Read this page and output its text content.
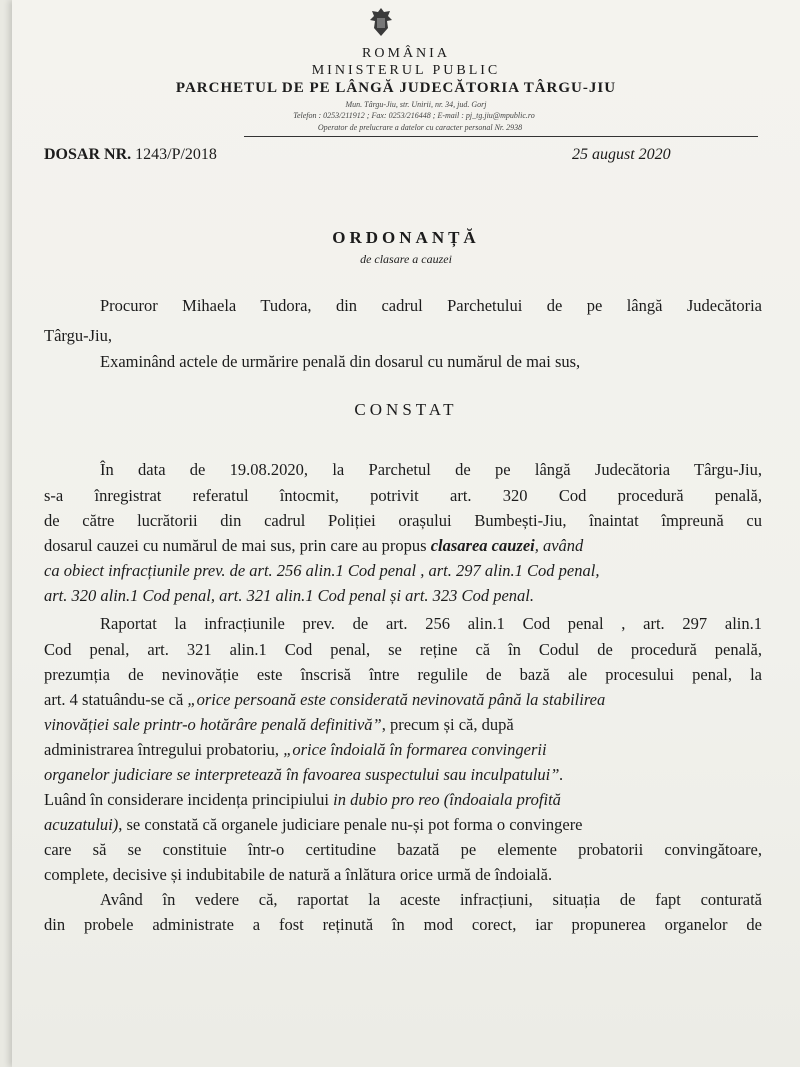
ROMÂNIA
MINISTERUL PUBLIC
PARCHETUL DE PE LÂNGĂ JUDECĂTORIA TÂRGU-JIU
Mun. Târgu-Jiu, str. Unirii, nr. 34, jud. Gorj
Telefon : 0253/211912 ; Fax: 0253/216448 ; E-mail : pj_tg.jiu@mpublic.ro
Operator de prelucrare a datelor cu caracter personal Nr. 2938
DOSAR NR. 1243/P/2018	25 august 2020
ORDONANȚĂ
de clasare a cauzei
Procuror Mihaela Tudora, din cadrul Parchetului de pe lângă Judecătoria
Târgu-Jiu,
Examinând actele de urmărire penală din dosarul cu numărul de mai sus,
CONSTAT
În data de 19.08.2020, la Parchetul de pe lângă Judecătoria Târgu-Jiu,
s-a înregistrat referatul întocmit, potrivit art. 320 Cod procedură penală,
de către lucrătorii din cadrul Poliției orașului Bumbești-Jiu, înaintat împreună cu
dosarul cauzei cu numărul de mai sus, prin care au propus clasarea cauzei, având
ca obiect infracțiunile prev. de art. 256 alin.1 Cod penal , art. 297 alin.1 Cod penal,
art. 320 alin.1 Cod penal, art. 321 alin.1 Cod penal și art. 323 Cod penal.
Raportat la infracțiunile prev. de art. 256 alin.1 Cod penal , art. 297 alin.1
Cod penal, art. 321 alin.1 Cod penal, se reține că în Codul de procedură penală,
prezumția de nevinovăție este înscrisă între regulile de bază ale procesului penal, la
art. 4 statuându-se că „orice persoană este considerată nevinovată până la stabilirea
vinovăției sale printr-o hotărâre penală definitivă”, precum și că, după
administrarea întregului probatoriu, „orice îndoială în formarea convingerii
organelor judiciare se interpretează în favoarea suspectului sau inculpatului”.
Luând în considerare incidența principiului in dubio pro reo (îndoaiala profită
acuzatului), se constată că organele judiciare penale nu-și pot forma o convingere
care să se constituie într-o certitudine bazată pe elemente probatorii convingătoare,
complete, decisive și indubitabile de natură a înlătura orice urmă de îndoială.
Având în vedere că, raportat la aceste infracțiuni, situația de fapt conturată
din probele administrate a fost reținută în mod corect, iar propunerea organelor de
